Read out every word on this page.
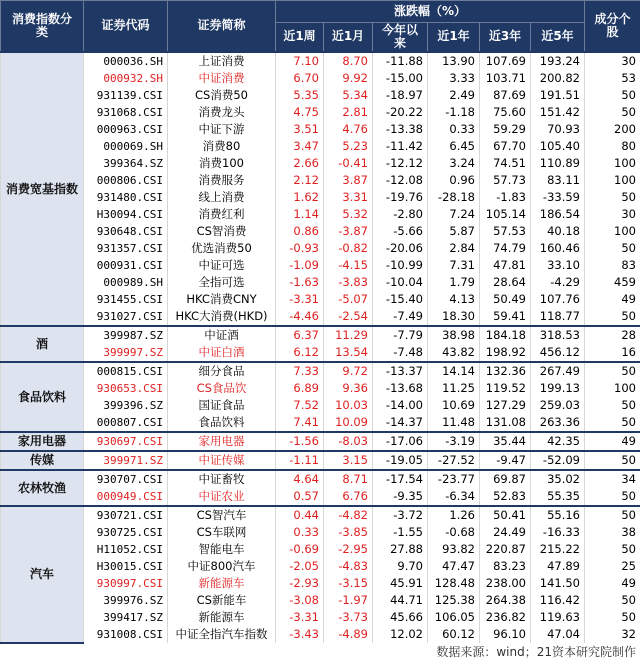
消费指数分类	证券代码	证券简称	涨跌幅（%）						成分个股
			近1周	近1月	今年以来	近1年	近3年	近5年	
消费宽基指数	000036.SH	上证消费	7.10	8.70	-11.88	13.90	107.69	193.24	30
	000932.SH	中证消费	6.70	9.92	-15.00	3.33	103.71	200.82	53
	931139.CSI	CS消费50	5.35	5.34	-18.97	2.49	87.69	191.51	50
	931068.CSI	消费龙头	4.75	2.81	-20.22	-1.18	75.60	151.42	50
	000963.CSI	中证下游	3.51	4.76	-13.38	0.33	59.29	70.93	200
	000069.SH	消费80	3.47	5.23	-11.42	6.45	67.70	105.40	80
	399364.SZ	消费100	2.66	-0.41	-12.12	3.24	74.51	110.89	100
	000806.CSI	消费服务	2.12	3.87	-12.08	0.96	57.73	83.11	100
	931480.CSI	线上消费	1.62	3.31	-19.76	-28.18	-1.83	-33.59	50
	H30094.CSI	消费红利	1.14	5.32	-2.80	7.24	105.14	186.54	30
	930648.CSI	CS智消费	0.86	-3.87	-5.66	5.87	57.53	40.18	100
	931357.CSI	优选消费50	-0.93	-0.82	-20.06	2.84	74.79	160.46	50
	000931.CSI	中证可选	-1.09	-4.15	-10.99	7.31	47.81	33.10	83
	000989.SH	全指可选	-1.63	-3.83	-10.04	1.79	28.64	-4.29	459
	931455.CSI	HKC消费CNY	-3.31	-5.07	-15.40	4.13	50.49	107.76	49
	931027.CSI	HKC大消费(HKD)	-4.46	-2.54	-7.49	18.30	59.41	118.77	50
酒	399987.SZ	中证酒	6.37	11.29	-7.79	38.98	184.18	318.53	28
	399997.SZ	中证白酒	6.12	13.54	-7.48	43.82	198.92	456.12	16
食品饮料	000815.CSI	细分食品	7.33	9.72	-13.37	14.14	132.36	267.49	50
	930653.CSI	CS食品饮	6.89	9.36	-13.68	11.25	119.52	199.13	100
	399396.SZ	国证食品	7.52	10.03	-14.00	10.69	127.29	259.03	50
	000807.CSI	食品饮料	7.41	10.09	-14.37	11.48	131.08	263.36	50
家用电器	930697.CSI	家用电器	-1.56	-8.03	-17.06	-3.19	35.44	42.35	49
传媒	399971.SZ	中证传媒	-1.11	3.15	-19.05	-27.52	-9.47	-52.09	50
农林牧渔	930707.CSI	中证畜牧	4.64	8.71	-17.54	-23.77	69.87	35.02	34
	000949.CSI	中证农业	0.57	6.76	-9.35	-6.34	52.83	55.35	50
汽车	930721.CSI	CS智汽车	0.44	-4.82	-3.72	1.26	50.41	55.16	50
	930725.CSI	CS车联网	0.33	-3.85	-1.55	-0.68	24.49	-16.33	38
	H11052.CSI	智能电车	-0.69	-2.95	27.88	93.82	220.87	215.22	50
	H30015.CSI	中证800汽车	-2.05	-4.83	9.70	47.47	83.23	47.89	25
	930997.CSI	新能源车	-2.93	-3.15	45.91	128.48	238.00	141.50	49
	399976.SZ	CS新能车	-3.08	-1.97	44.71	125.38	264.38	116.42	50
	399417.SZ	新能源车	-3.31	-3.73	45.66	106.05	236.82	119.63	50
	931008.CSI	中证全指汽车指数	-3.43	-4.89	12.02	60.12	96.10	47.04	32
数据来源：wind；21资本研究院制作
